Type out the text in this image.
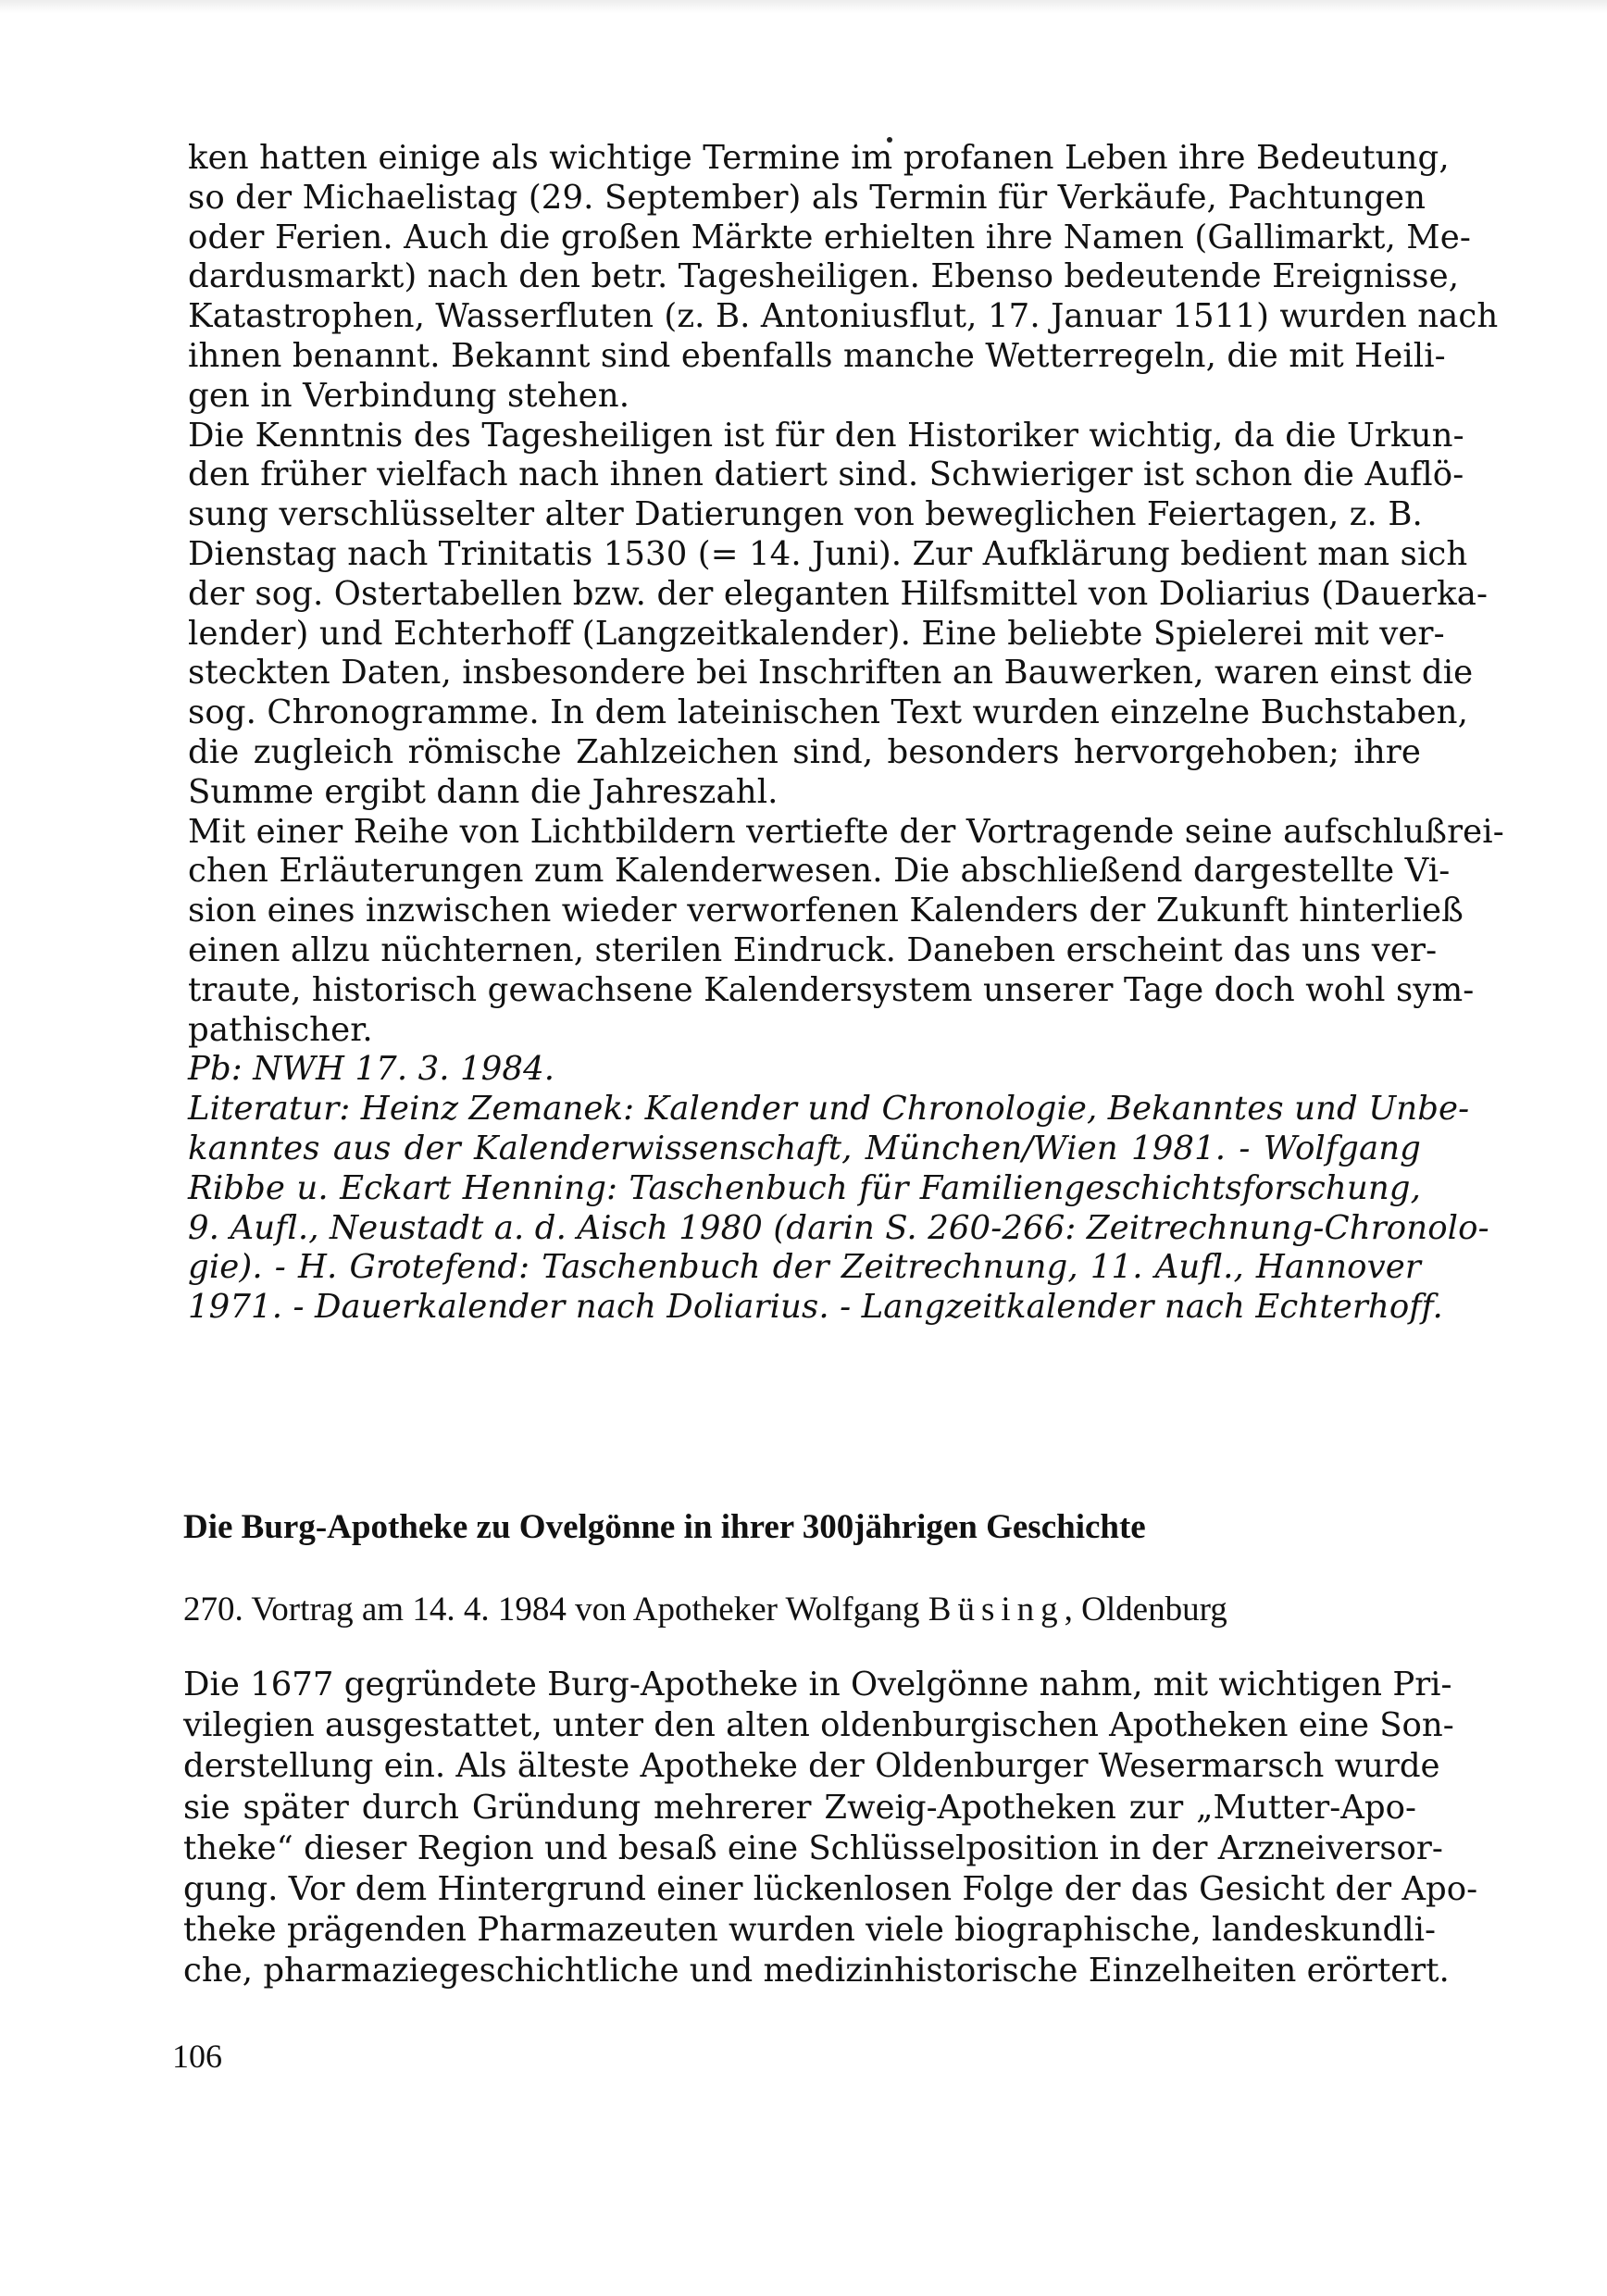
ken hatten einige als wichtige Termine im profanen Leben ihre Bedeutung,
so der Michaelistag (29. September) als Termin für Verkäufe, Pachtungen
oder Ferien. Auch die großen Märkte erhielten ihre Namen (Gallimarkt, Me-
dardusmarkt) nach den betr. Tagesheiligen. Ebenso bedeutende Ereignisse,
Katastrophen, Wasserfluten (z. B. Antoniusflut, 17. Januar 1511) wurden nach
ihnen benannt. Bekannt sind ebenfalls manche Wetterregeln, die mit Heili-
gen in Verbindung stehen.
Die Kenntnis des Tagesheiligen ist für den Historiker wichtig, da die Urkun-
den früher vielfach nach ihnen datiert sind. Schwieriger ist schon die Auflö-
sung verschlüsselter alter Datierungen von beweglichen Feiertagen, z. B.
Dienstag nach Trinitatis 1530 (= 14. Juni). Zur Aufklärung bedient man sich
der sog. Ostertabellen bzw. der eleganten Hilfsmittel von Doliarius (Dauerka-
lender) und Echterhoff (Langzeitkalender). Eine beliebte Spielerei mit ver-
steckten Daten, insbesondere bei Inschriften an Bauwerken, waren einst die
sog. Chronogramme. In dem lateinischen Text wurden einzelne Buchstaben,
die zugleich römische Zahlzeichen sind, besonders hervorgehoben; ihre
Summe ergibt dann die Jahreszahl.
Mit einer Reihe von Lichtbildern vertiefte der Vortragende seine aufschlußrei-
chen Erläuterungen zum Kalenderwesen. Die abschließend dargestellte Vi-
sion eines inzwischen wieder verworfenen Kalenders der Zukunft hinterließ
einen allzu nüchternen, sterilen Eindruck. Daneben erscheint das uns ver-
traute, historisch gewachsene Kalendersystem unserer Tage doch wohl sym-
pathischer.
Pb: NWH 17. 3. 1984.
Literatur: Heinz Zemanek: Kalender und Chronologie, Bekanntes und Unbe-
kanntes aus der Kalenderwissenschaft, München/Wien 1981. - Wolfgang
Ribbe u. Eckart Henning: Taschenbuch für Familiengeschichtsforschung,
9. Aufl., Neustadt a. d. Aisch 1980 (darin S. 260-266: Zeitrechnung-Chronolo-
gie). - H. Grotefend: Taschenbuch der Zeitrechnung, 11. Aufl., Hannover
1971. - Dauerkalender nach Doliarius. - Langzeitkalender nach Echterhoff.
Die Burg-Apotheke zu Ovelgönne in ihrer 300jährigen Geschichte
270. Vortrag am 14. 4. 1984 von Apotheker Wolfgang Büsing, Oldenburg
Die 1677 gegründete Burg-Apotheke in Ovelgönne nahm, mit wichtigen Pri-
vilegien ausgestattet, unter den alten oldenburgischen Apotheken eine Son-
derstellung ein. Als älteste Apotheke der Oldenburger Wesermarsch wurde
sie später durch Gründung mehrerer Zweig-Apotheken zur „Mutter-Apo-
theke“ dieser Region und besaß eine Schlüsselposition in der Arzneiversor-
gung. Vor dem Hintergrund einer lückenlosen Folge der das Gesicht der Apo-
theke prägenden Pharmazeuten wurden viele biographische, landeskundli-
che, pharmaziegeschichtliche und medizinhistorische Einzelheiten erörtert.
106
